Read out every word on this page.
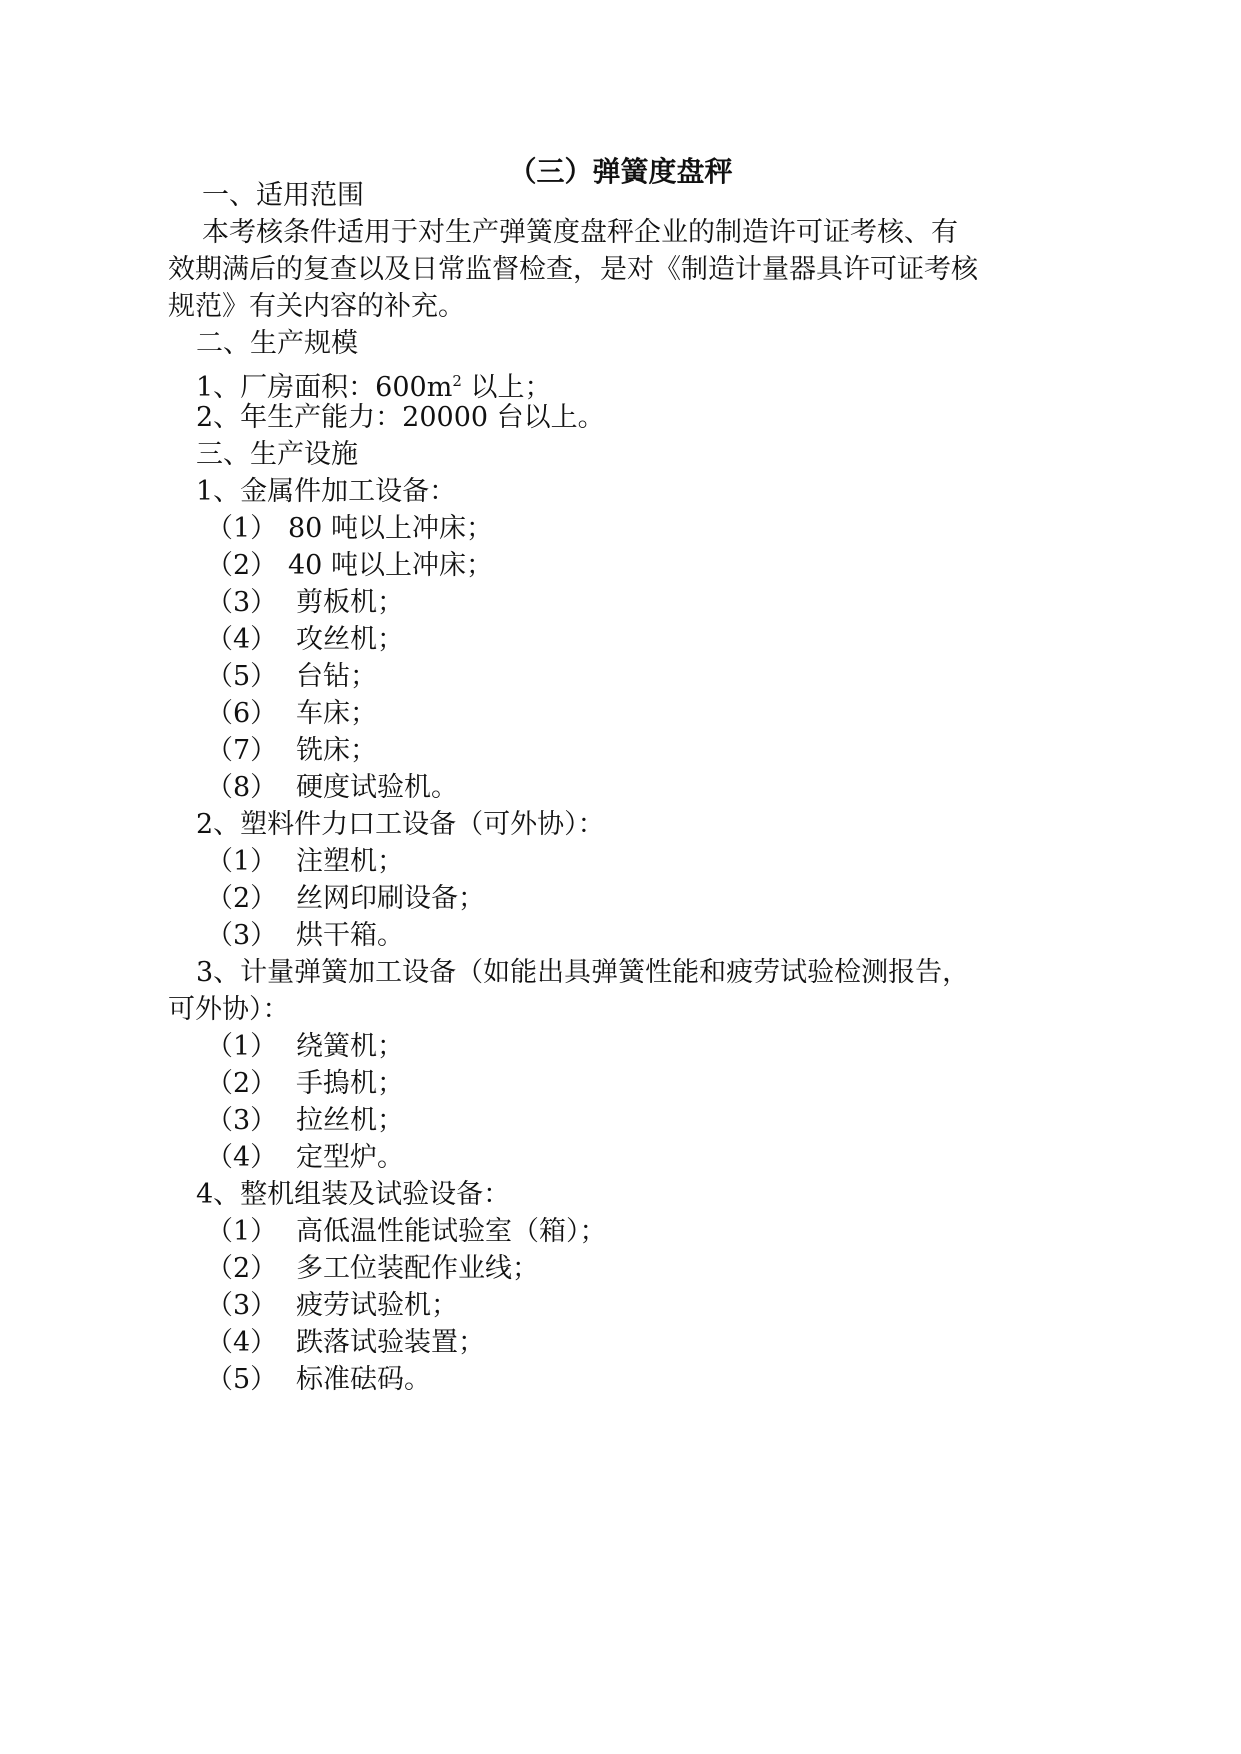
（三）弹簧度盘秤
一、适用范围
本考核条件适用于对生产弹簧度盘秤企业的制造许可证考核、有
效期满后的复查以及日常监督检查，是对《制造计量器具许可证考核
规范》有关内容的补充。
二、生产规模
1、厂房面积：$600m^2$ 以上；
2、年生产能力：20000 台以上。
三、生产设施
1、金属件加工设备：
（1） 80 吨以上冲床；
（2） 40 吨以上冲床；
（3） 剪板机；
（4） 攻丝机；
（5） 台钻；
（6） 车床；
（7） 铣床；
（8） 硬度试验机。
2、塑料件力口工设备（可外协）：
（1） 注塑机；
（2） 丝网印刷设备；
（3） 烘干箱。
3、计量弹簧加工设备（如能出具弹簧性能和疲劳试验检测报告，
可外协）：
（1） 绕簧机；
（2） 手摀机；
（3） 拉丝机；
（4） 定型炉。
4、整机组装及试验设备：
（1） 高低温性能试验室（箱）；
（2） 多工位装配作业线；
（3） 疲劳试验机；
（4） 跌落试验装置；
（5） 标准砝码。
